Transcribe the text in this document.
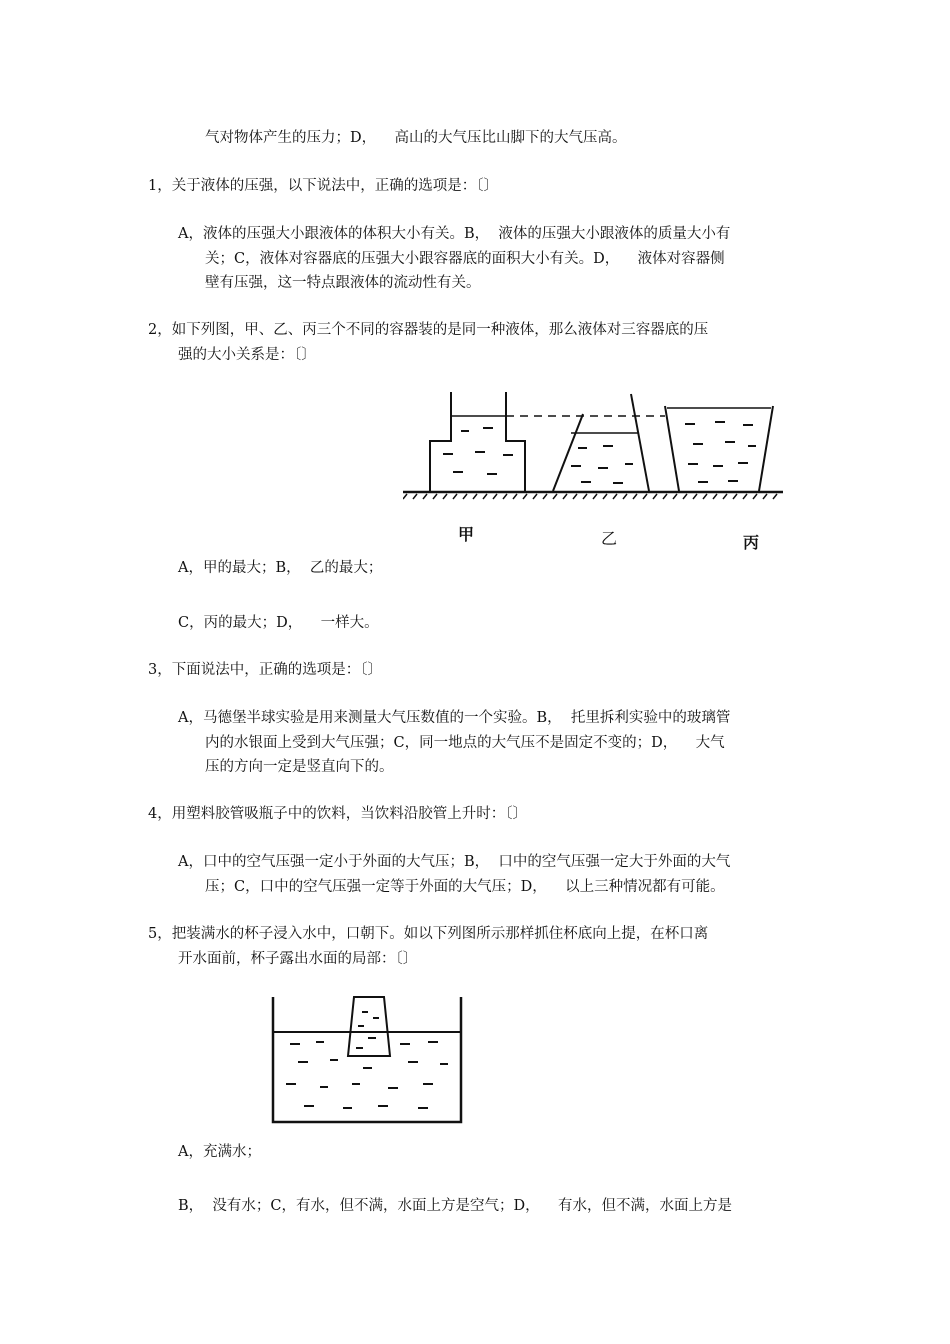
气对物体产生的压力；D，    高山的大气压比山脚下的大气压高。
1，关于液体的压强，以下说法中，正确的选项是：〔〕
A，液体的压强大小跟液体的体积大小有关。B，  液体的压强大小跟液体的质量大小有
关；C，液体对容器底的压强大小跟容器底的面积大小有关。D，    液体对容器侧
壁有压强，这一特点跟液体的流动性有关。
2，如下列图，甲、乙、丙三个不同的容器装的是同一种液体，那么液体对三容器底的压
强的大小关系是：〔〕
甲	乙	丙
A，甲的最大；B，  乙的最大；
C，丙的最大；D，    一样大。
3，下面说法中，正确的选项是：〔〕
A，马德堡半球实验是用来测量大气压数值的一个实验。B，  托里拆利实验中的玻璃管
内的水银面上受到大气压强；C，同一地点的大气压不是固定不变的；D，    大气
压的方向一定是竖直向下的。
4，用塑料胶管吸瓶子中的饮料，当饮料沿胶管上升时：〔〕
A，口中的空气压强一定小于外面的大气压；B，  口中的空气压强一定大于外面的大气
压；C，口中的空气压强一定等于外面的大气压；D，    以上三种情况都有可能。
5，把装满水的杯子浸入水中，口朝下。如以下列图所示那样抓住杯底向上提，在杯口离
开水面前，杯子露出水面的局部：〔〕
A，充满水；
B，  没有水；C，有水，但不满，水面上方是空气；D，    有水，但不满，水面上方是
